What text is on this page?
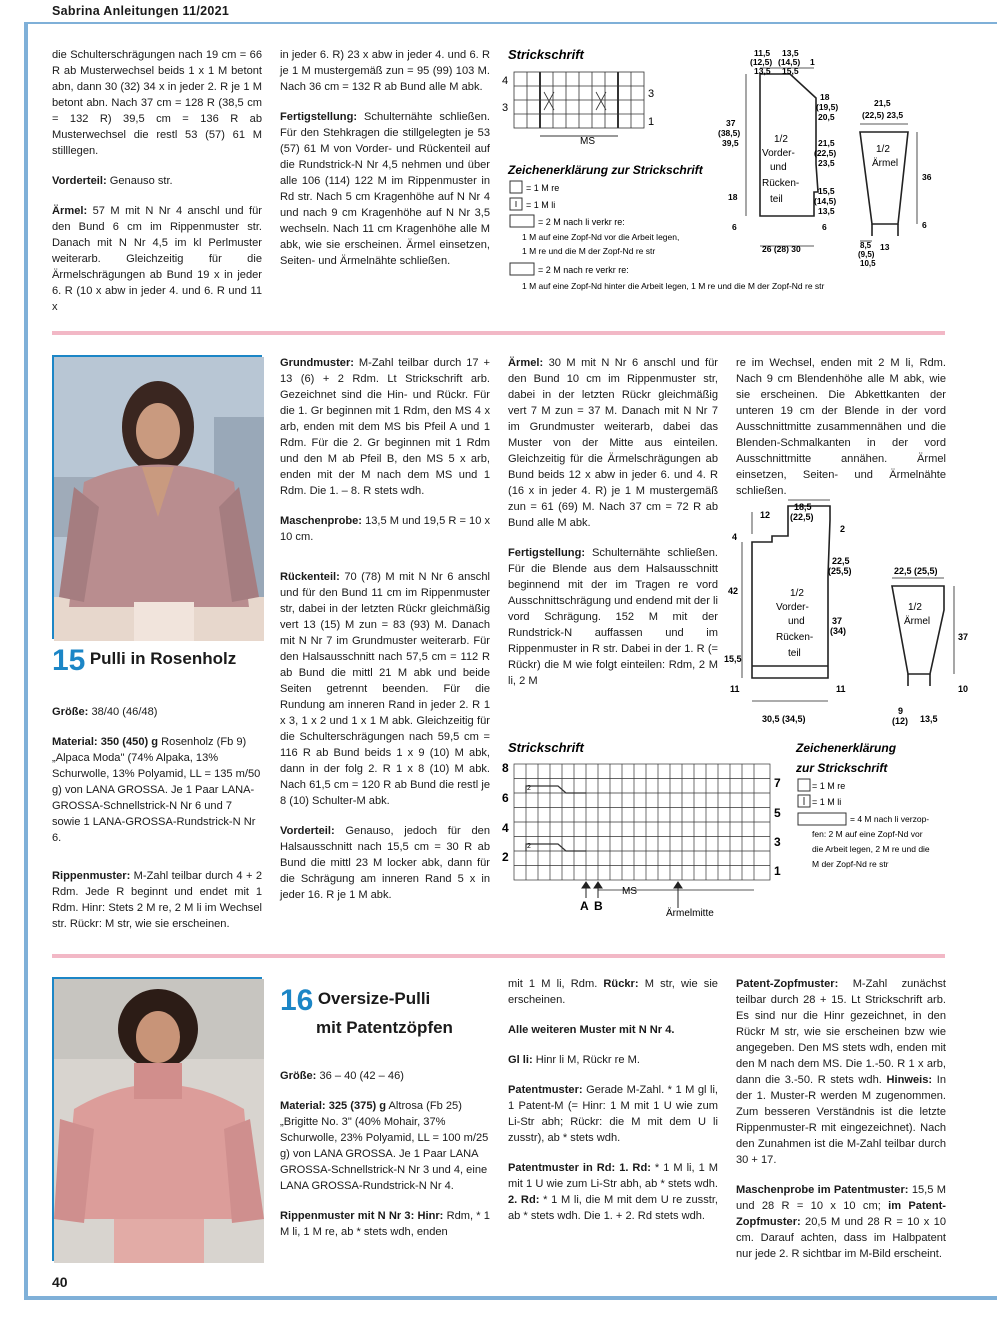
Sabrina Anleitungen 11/2021

die Schulterschrägungen nach 19 cm = 66 R ab Musterwechsel beids 1 x 1 M betont abn, dann 30 (32) 34 x in jeder 2. R je 1 M betont abn. Nach 37 cm = 128 R (38,5 cm = 132 R) 39,5 cm = 136 R ab Musterwechsel die restl 53 (57) 61 M stilllegen.

Vorderteil: Genauso str.

Ärmel: 57 M mit N Nr 4 anschl und für den Bund 6 cm im Rippenmuster str. Danach mit N Nr 4,5 im kl Perlmuster weiterarb. Gleichzeitig für die Ärmelschrägungen ab Bund 19 x in jeder 6. R (10 x abw in jeder 4. und 6. R und 11 x

in jeder 6. R) 23 x abw in jeder 4. und 6. R je 1 M mustergemäß zun = 95 (99) 103 M. Nach 36 cm = 132 R ab Bund alle M abk.

Fertigstellung: Schulternähte schließen. Für den Stehkragen die stillgelegten je 53 (57) 61 M von Vorder- und Rückenteil auf die Rundstrick-N Nr 4,5 nehmen und über alle 106 (114) 122 M im Rippenmuster in Rd str. Nach 5 cm Kragenhöhe auf N Nr 4 und nach 9 cm Kragenhöhe auf N Nr 3,5 wechseln. Nach 11 cm Kragenhöhe alle M abk, wie sie erscheinen. Ärmel einsetzen, Seiten- und Ärmelnähte schließen.

Strickschrift
4
3
3
1
MS
Zeichenerklärung zur Strickschrift
= 1 M re
= 1 M li
= 2 M nach li verkr re:
1 M auf eine Zopf-Nd vor die Arbeit legen,
1 M re und die M der Zopf-Nd re str
= 2 M nach re verkr re:
1 M auf eine Zopf-Nd hinter die Arbeit legen, 1 M re und die M der Zopf-Nd re str
11,5
(12,5)
13,5
13,5
(14,5)
15,5
1
37
(38,5)
39,5
18
6
18
(19,5)
20,5
21,5
(22,5)
23,5
15,5
(14,5)
13,5
6
26 (28) 30
1/2
Vorder-
und
Rücken-
teil
21,5
(22,5) 23,5
36
6
8,5
(9,5)
10,5
13
1/2
Ärmel
15 Pulli in Rosenholz

Größe: 38/40 (46/48)

Material: 350 (450) g Rosenholz (Fb 9) „Alpaca Moda" (74% Alpaka, 13% Schurwolle, 13% Polyamid, LL = 135 m/50 g) von LANA GROSSA. Je 1 Paar LANA-GROSSA-Schnellstrick-N Nr 6 und 7 sowie 1 LANA-GROSSA-Rundstrick-N Nr 6.

Rippenmuster: M-Zahl teilbar durch 4 + 2 Rdm. Jede R beginnt und endet mit 1 Rdm. Hinr: Stets 2 M re, 2 M li im Wechsel str. Rückr: M str, wie sie erscheinen.

Grundmuster: M-Zahl teilbar durch 17 + 13 (6) + 2 Rdm. Lt Strickschrift arb. Gezeichnet sind die Hin- und Rückr. Für die 1. Gr beginnen mit 1 Rdm, den MS 4 x arb, enden mit dem MS bis Pfeil A und 1 Rdm. Für die 2. Gr beginnen mit 1 Rdm und den M ab Pfeil B, den MS 5 x arb, enden mit der M nach dem MS und 1 Rdm. Die 1. – 8. R stets wdh.

Maschenprobe: 13,5 M und 19,5 R = 10 x 10 cm.

Rückenteil: 70 (78) M mit N Nr 6 anschl und für den Bund 11 cm im Rippenmuster str, dabei in der letzten Rückr gleichmäßig vert 13 (15) M zun = 83 (93) M. Danach mit N Nr 7 im Grundmuster weiterarb. Für den Halsausschnitt nach 57,5 cm = 112 R ab Bund die mittl 21 M abk und beide Seiten getrennt beenden. Für die Rundung am inneren Rand in jeder 2. R 1 x 3, 1 x 2 und 1 x 1 M abk. Gleichzeitig für die Schulterschrägungen nach 59,5 cm = 116 R ab Bund beids 1 x 9 (10) M abk, dann in der folg 2. R 1 x 8 (10) M abk. Nach 61,5 cm = 120 R ab Bund die restl je 8 (10) Schulter-M abk.

Vorderteil: Genauso, jedoch für den Halsausschnitt nach 15,5 cm = 30 R ab Bund die mittl 23 M locker abk, dann für die Schrägung am inneren Rand 5 x in jeder 16. R je 1 M abk.

Ärmel: 30 M mit N Nr 6 anschl und für den Bund 10 cm im Rippenmuster str, dabei in der letzten Rückr gleichmäßig vert 7 M zun = 37 M. Danach mit N Nr 7 im Grundmuster weiterarb, dabei das Muster von der Mitte aus einteilen. Gleichzeitig für die Ärmelschrägungen ab Bund beids 12 x abw in jeder 6. und 4. R (16 x in jeder 4. R) je 1 M mustergemäß zun = 61 (69) M. Nach 37 cm = 72 R ab Bund alle M abk.

Fertigstellung: Schulternähte schließen. Für die Blende aus dem Halsausschnitt beginnend mit der im Tragen re vord Ausschnittschrägung und endend mit der li vord Schrägung. 152 M mit der Rundstrick-N auffassen und im Rippenmuster in R str. Dabei in der 1. R (= Rückr) die M wie folgt einteilen: Rdm, 2 M li, 2 M

re im Wechsel, enden mit 2 M li, Rdm. Nach 9 cm Blendenhöhe alle M abk, wie sie erscheinen. Die Abkettkanten der unteren 19 cm der Blende in der vord Ausschnittmitte zusammennähen und die Blenden-Schmalkanten in der vord Ausschnittmitte annähen. Ärmel einsetzen, Seiten- und Ärmelnähte schließen.

12
18,5
(22,5)
2
4
42
15,5
11
22,5
(25,5)
37
(34)
11
30,5 (34,5)
1/2
Vorder-
und
Rücken-
teil
22,5 (25,5)
37
10
9
(12) 13,5
1/2
Ärmel
Strickschrift
2
2
8
6
4
2
7
5
3
1
MS
A B
Ärmelmitte
Zeichenerklärung
zur Strickschrift
= 1 M re
= 1 M li
= 4 M nach li verzop-
fen: 2 M auf eine Zopf-Nd vor
die Arbeit legen, 2 M re und die
M der Zopf-Nd re str
16 Oversize-Pulli
mit Patentzöpfen

Größe: 36 – 40 (42 – 46)

Material: 325 (375) g Altrosa (Fb 25) „Brigitte No. 3" (40% Mohair, 37% Schurwolle, 23% Polyamid, LL = 100 m/25 g) von LANA GROSSA. Je 1 Paar LANA GROSSA-Schnellstrick-N Nr 3 und 4, eine LANA GROSSA-Rundstrick-N Nr 4.

Rippenmuster mit N Nr 3: Hinr: Rdm, * 1 M li, 1 M re, ab * stets wdh, enden

mit 1 M li, Rdm. Rückr: M str, wie sie erscheinen.

Alle weiteren Muster mit N Nr 4.

Gl li: Hinr li M, Rückr re M.

Patentmuster: Gerade M-Zahl. * 1 M gl li, 1 Patent-M (= Hinr: 1 M mit 1 U wie zum Li-Str abh; Rückr: die M mit dem U li zusstr), ab * stets wdh.

Patentmuster in Rd: 1. Rd: * 1 M li, 1 M mit 1 U wie zum Li-Str abh, ab * stets wdh. 2. Rd: * 1 M li, die M mit dem U re zusstr, ab * stets wdh. Die 1. + 2. Rd stets wdh.

Patent-Zopfmuster: M-Zahl zunächst teilbar durch 28 + 15. Lt Strickschrift arb. Es sind nur die Hinr gezeichnet, in den Rückr M str, wie sie erscheinen bzw wie angegeben. Den MS stets wdh, enden mit den M nach dem MS. Die 1.-50. R 1 x arb, dann die 3.-50. R stets wdh. Hinweis: In der 1. Muster-R werden M zugenommen. Zum besseren Verständnis ist die letzte Rippenmuster-R mit eingezeichnet). Nach den Zunahmen ist die M-Zahl teilbar durch 30 + 17.

Maschenprobe im Patentmuster: 15,5 M und 28 R = 10 x 10 cm; im Patent-Zopfmuster: 20,5 M und 28 R = 10 x 10 cm. Darauf achten, dass im Halbpatent nur jede 2. R sichtbar im M-Bild erscheint.

40
